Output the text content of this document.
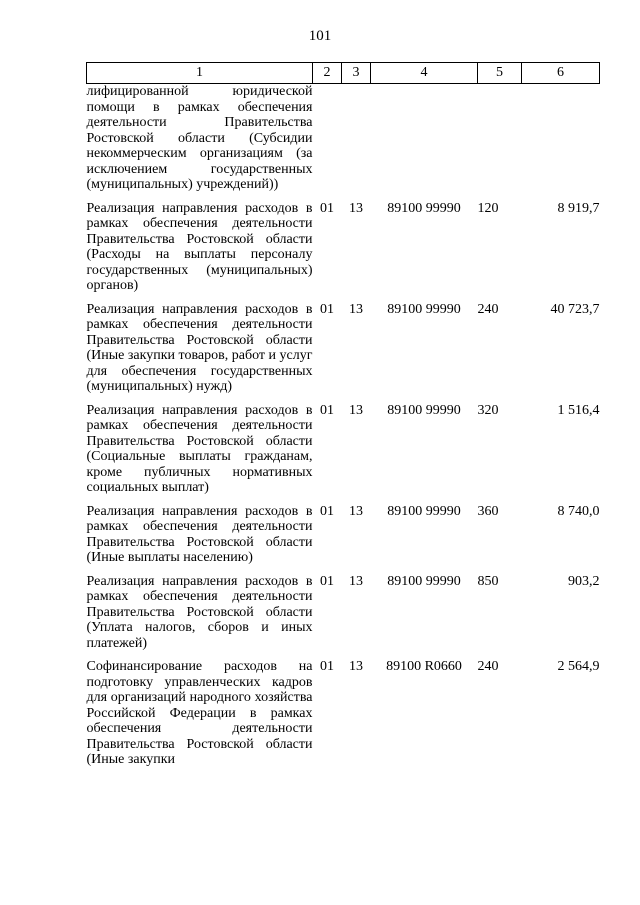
101
1	2	3	4	5	6
лифицированной юридической помощи в рамках обеспечения деятельности Правительства Ростовской области (Субсидии некоммерческим организациям (за исключением государственных (муниципальных) учреждений))					
Реализация направления расходов в рамках обеспечения деятельности Правительства Ростовской области (Расходы на выплаты персоналу государственных (муниципальных) органов)	01	13	89100 99990	120	8 919,7
Реализация направления расходов в рамках обеспечения деятельности Правительства Ростовской области (Иные закупки товаров, работ и услуг для обеспечения государственных (муниципальных) нужд)	01	13	89100 99990	240	40 723,7
Реализация направления расходов в рамках обеспечения деятельности Правительства Ростовской области (Социальные выплаты гражданам, кроме публичных нормативных социальных выплат)	01	13	89100 99990	320	1 516,4
Реализация направления расходов в рамках обеспечения деятельности Правительства Ростовской области (Иные выплаты населению)	01	13	89100 99990	360	8 740,0
Реализация направления расходов в рамках обеспечения деятельности Правительства Ростовской области (Уплата налогов, сборов и иных платежей)	01	13	89100 99990	850	903,2
Софинансирование расходов на подготовку управленческих кадров для организаций народного хозяйства Российской Федерации в рамках обеспечения деятельности Правительства Ростовской области (Иные закупки	01	13	89100 R0660	240	2 564,9
